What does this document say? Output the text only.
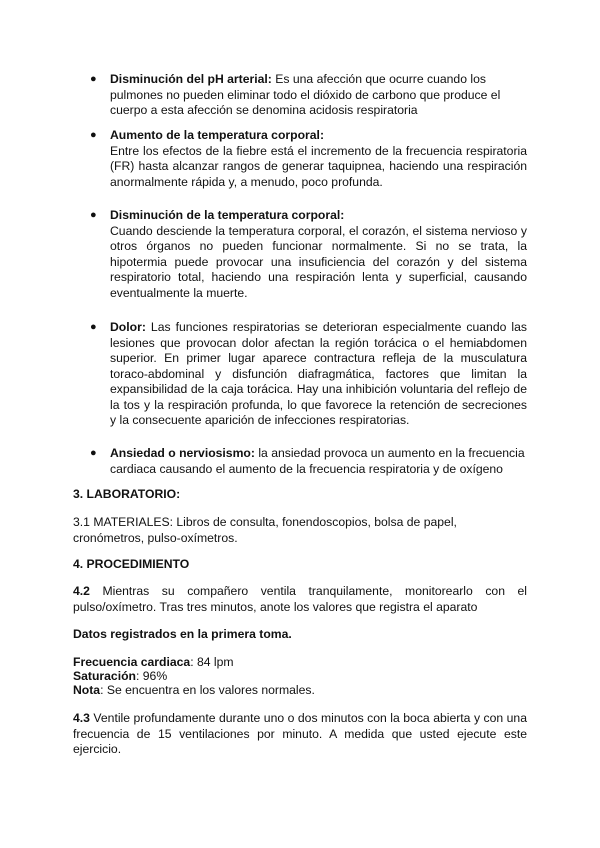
● Disminución del pH arterial: Es una afección que ocurre cuando los pulmones no pueden eliminar todo el dióxido de carbono que produce el cuerpo a esta afección se denomina acidosis respiratoria
● Aumento de la temperatura corporal:
Entre los efectos de la fiebre está el incremento de la frecuencia respiratoria (FR) hasta alcanzar rangos de generar taquipnea, haciendo una respiración anormalmente rápida y, a menudo, poco profunda.
● Disminución de la temperatura corporal:
Cuando desciende la temperatura corporal, el corazón, el sistema nervioso y otros órganos no pueden funcionar normalmente. Si no se trata, la hipotermia puede provocar una insuficiencia del corazón y del sistema respiratorio total, haciendo una respiración lenta y superficial, causando eventualmente la muerte.
● Dolor: Las funciones respiratorias se deterioran especialmente cuando las lesiones que provocan dolor afectan la región torácica o el hemiabdomen superior. En primer lugar aparece contractura refleja de la musculatura toraco-abdominal y disfunción diafragmática, factores que limitan la expansibilidad de la caja torácica. Hay una inhibición voluntaria del reflejo de la tos y la respiración profunda, lo que favorece la retención de secreciones y la consecuente aparición de infecciones respiratorias.
● Ansiedad o nerviosismo: la ansiedad provoca un aumento en la frecuencia cardiaca causando el aumento de la frecuencia respiratoria y de oxígeno
3. LABORATORIO:
3.1 MATERIALES: Libros de consulta, fonendoscopios, bolsa de papel, cronómetros, pulso-oxímetros.
4. PROCEDIMIENTO
4.2 Mientras su compañero ventila tranquilamente, monitorearlo con el pulso/oxímetro. Tras tres minutos, anote los valores que registra el aparato
Datos registrados en la primera toma.
Frecuencia cardiaca: 84 lpm
Saturación: 96%
Nota: Se encuentra en los valores normales.
4.3 Ventile profundamente durante uno o dos minutos con la boca abierta y con una frecuencia de 15 ventilaciones por minuto. A medida que usted ejecute este ejercicio.
